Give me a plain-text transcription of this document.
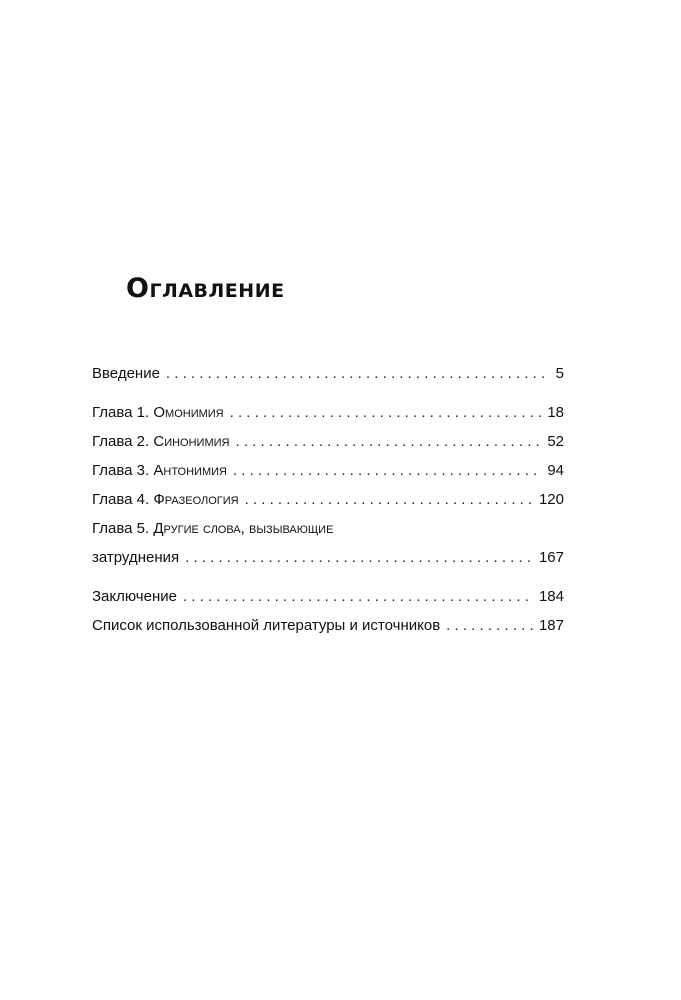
Оглавление
Введение . . .	5
Глава 1. Омонимия . . .	18
Глава 2. Синонимия . . .	52
Глава 3. Антонимия . . .	94
Глава 4. Фразеология . . .	120
Глава 5. Другие слова, вызывающие
затруднения . . .	167
Заключение . . .	184
Список использованной литературы и источников . . .	187
